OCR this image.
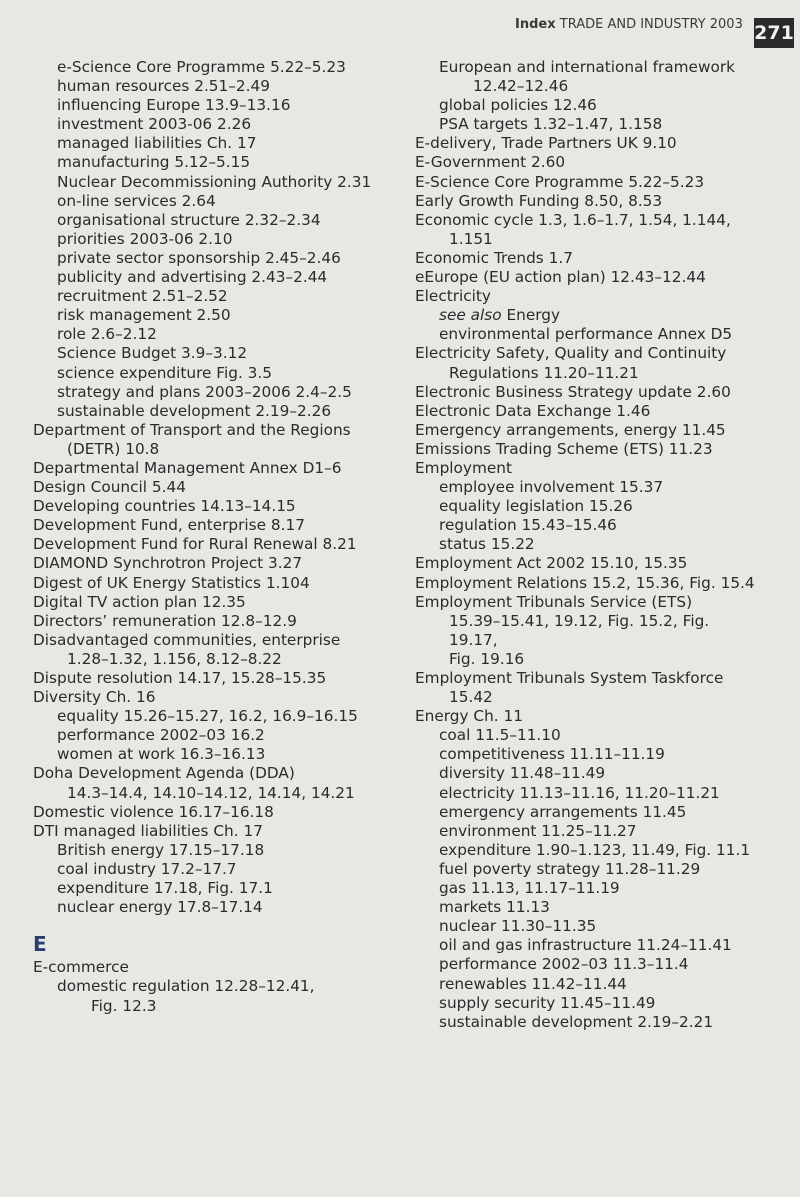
Index TRADE AND INDUSTRY 2003 271
e-Science Core Programme 5.22–5.23
human resources 2.51–2.49
influencing Europe 13.9–13.16
investment 2003-06 2.26
managed liabilities Ch. 17
manufacturing 5.12–5.15
Nuclear Decommissioning Authority 2.31
on-line services 2.64
organisational structure 2.32–2.34
priorities 2003-06 2.10
private sector sponsorship 2.45–2.46
publicity and advertising 2.43–2.44
recruitment 2.51–2.52
risk management 2.50
role 2.6–2.12
Science Budget 3.9–3.12
science expenditure Fig. 3.5
strategy and plans 2003–2006 2.4–2.5
sustainable development 2.19–2.26
Department of Transport and the Regions
(DETR) 10.8
Departmental Management Annex D1–6
Design Council 5.44
Developing countries 14.13–14.15
Development Fund, enterprise 8.17
Development Fund for Rural Renewal 8.21
DIAMOND Synchrotron Project 3.27
Digest of UK Energy Statistics 1.104
Digital TV action plan 12.35
Directors’ remuneration 12.8–12.9
Disadvantaged communities, enterprise
1.28–1.32, 1.156, 8.12–8.22
Dispute resolution 14.17, 15.28–15.35
Diversity Ch. 16
equality 15.26–15.27, 16.2, 16.9–16.15
performance 2002–03 16.2
women at work 16.3–16.13
Doha Development Agenda (DDA)
14.3–14.4, 14.10–14.12, 14.14, 14.21
Domestic violence 16.17–16.18
DTI managed liabilities Ch. 17
British energy 17.15–17.18
coal industry 17.2–17.7
expenditure 17.18, Fig. 17.1
nuclear energy 17.8–17.14
E
E-commerce
domestic regulation 12.28–12.41,
Fig. 12.3
European and international framework
12.42–12.46
global policies 12.46
PSA targets 1.32–1.47, 1.158
E-delivery, Trade Partners UK 9.10
E-Government 2.60
E-Science Core Programme 5.22–5.23
Early Growth Funding 8.50, 8.53
Economic cycle 1.3, 1.6–1.7, 1.54, 1.144,
1.151
Economic Trends 1.7
eEurope (EU action plan) 12.43–12.44
Electricity
see also Energy
environmental performance Annex D5
Electricity Safety, Quality and Continuity
Regulations 11.20–11.21
Electronic Business Strategy update 2.60
Electronic Data Exchange 1.46
Emergency arrangements, energy 11.45
Emissions Trading Scheme (ETS) 11.23
Employment
employee involvement 15.37
equality legislation 15.26
regulation 15.43–15.46
status 15.22
Employment Act 2002 15.10, 15.35
Employment Relations 15.2, 15.36, Fig. 15.4
Employment Tribunals Service (ETS)
15.39–15.41, 19.12, Fig. 15.2, Fig. 19.17,
Fig. 19.16
Employment Tribunals System Taskforce
15.42
Energy Ch. 11
coal 11.5–11.10
competitiveness 11.11–11.19
diversity 11.48–11.49
electricity 11.13–11.16, 11.20–11.21
emergency arrangements 11.45
environment 11.25–11.27
expenditure 1.90–1.123, 11.49, Fig. 11.1
fuel poverty strategy 11.28–11.29
gas 11.13, 11.17–11.19
markets 11.13
nuclear 11.30–11.35
oil and gas infrastructure 11.24–11.41
performance 2002–03 11.3–11.4
renewables 11.42–11.44
supply security 11.45–11.49
sustainable development 2.19–2.21
